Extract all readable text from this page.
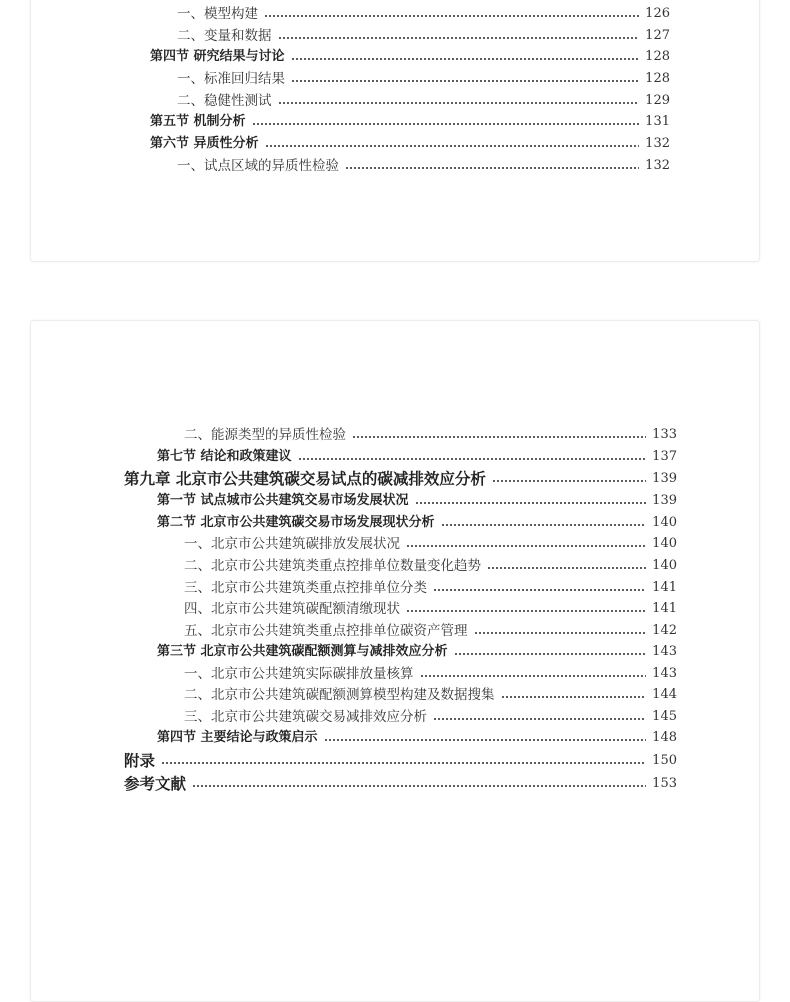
一、模型构建	126
二、变量和数据	127
第四节 研究结果与讨论	128
一、标准回归结果	128
二、稳健性测试	129
第五节 机制分析	131
第六节 异质性分析	132
一、试点区域的异质性检验	132
二、能源类型的异质性检验	133
第七节 结论和政策建议	137
第九章 北京市公共建筑碳交易试点的碳减排效应分析	139
第一节 试点城市公共建筑交易市场发展状况	139
第二节 北京市公共建筑碳交易市场发展现状分析	140
一、北京市公共建筑碳排放发展状况	140
二、北京市公共建筑类重点控排单位数量变化趋势	140
三、北京市公共建筑类重点控排单位分类	141
四、北京市公共建筑碳配额清缴现状	141
五、北京市公共建筑类重点控排单位碳资产管理	142
第三节 北京市公共建筑碳配额测算与减排效应分析	143
一、北京市公共建筑实际碳排放量核算	143
二、北京市公共建筑碳配额测算模型构建及数据搜集	144
三、北京市公共建筑碳交易减排效应分析	145
第四节 主要结论与政策启示	148
附录	150
参考文献	153
